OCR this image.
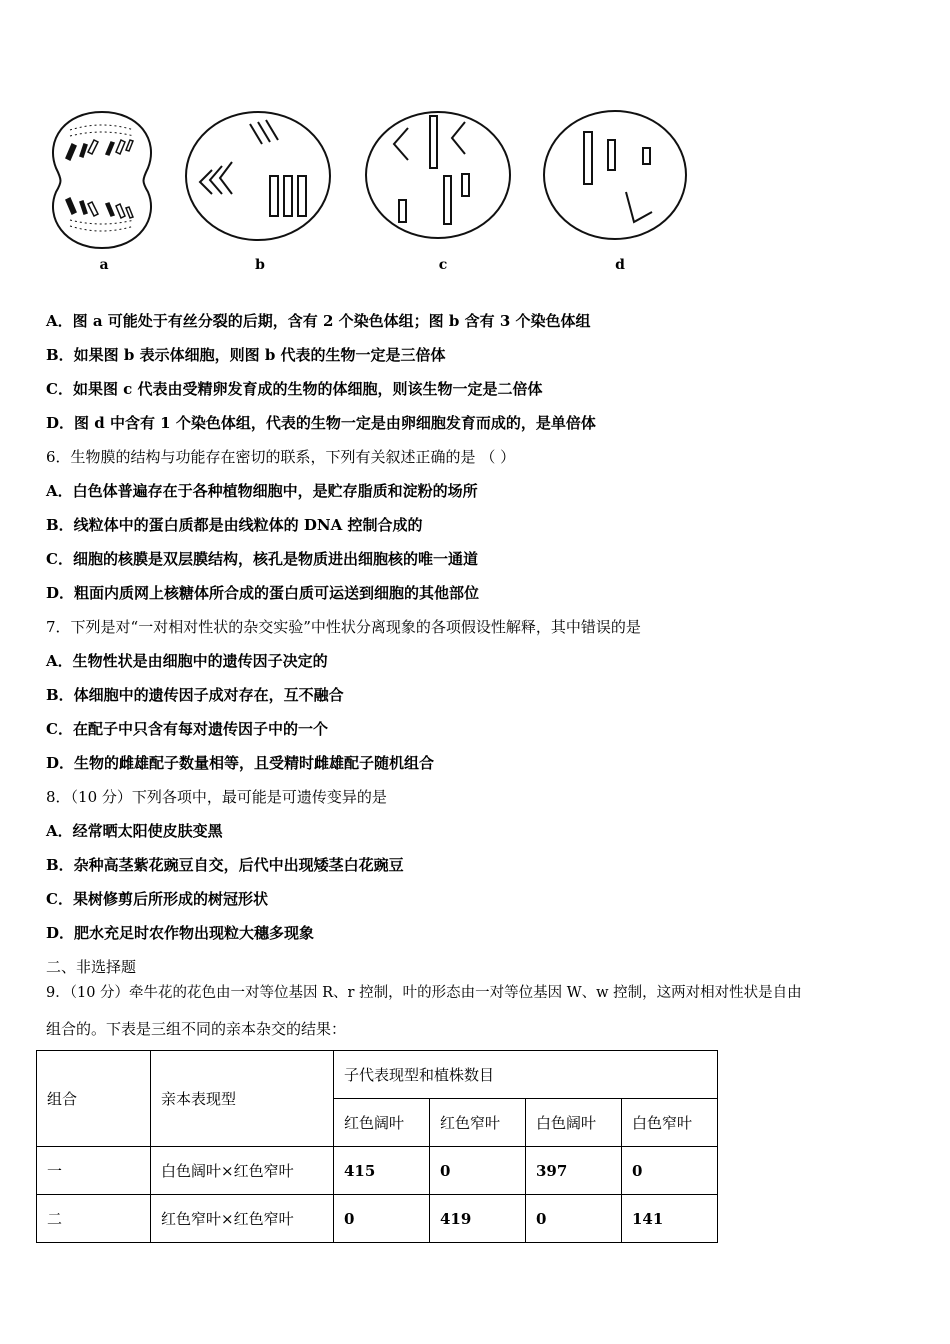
a	b	c	d
A．图 a 可能处于有丝分裂的后期，含有 2 个染色体组；图 b 含有 3 个染色体组
B．如果图 b 表示体细胞，则图 b 代表的生物一定是三倍体
C．如果图 c 代表由受精卵发育成的生物的体细胞，则该生物一定是二倍体
D．图 d 中含有 1 个染色体组，代表的生物一定是由卵细胞发育而成的，是单倍体
6．生物膜的结构与功能存在密切的联系，下列有关叙述正确的是 （ ）
A．白色体普遍存在于各种植物细胞中，是贮存脂质和淀粉的场所
B．线粒体中的蛋白质都是由线粒体的 DNA 控制合成的
C．细胞的核膜是双层膜结构，核孔是物质进出细胞核的唯一通道
D．粗面内质网上核糖体所合成的蛋白质可运送到细胞的其他部位
7．下列是对“一对相对性状的杂交实验”中性状分离现象的各项假设性解释，其中错误的是
A．生物性状是由细胞中的遗传因子决定的
B．体细胞中的遗传因子成对存在，互不融合
C．在配子中只含有每对遗传因子中的一个
D．生物的雌雄配子数量相等，且受精时雌雄配子随机组合
8．（10 分）下列各项中，最可能是可遗传变异的是
A．经常晒太阳使皮肤变黑
B．杂种高茎紫花豌豆自交，后代中出现矮茎白花豌豆
C．果树修剪后所形成的树冠形状
D．肥水充足时农作物出现粒大穗多现象
二、非选择题
9．（10 分）牵牛花的花色由一对等位基因 R、r 控制，叶的形态由一对等位基因 W、w 控制，这两对相对性状是自由
组合的。下表是三组不同的亲本杂交的结果：
组合	亲本表现型	子代表现型和植株数目			
		红色阔叶	红色窄叶	白色阔叶	白色窄叶
一	白色阔叶×红色窄叶	415	0	397	0
二	红色窄叶×红色窄叶	0	419	0	141
